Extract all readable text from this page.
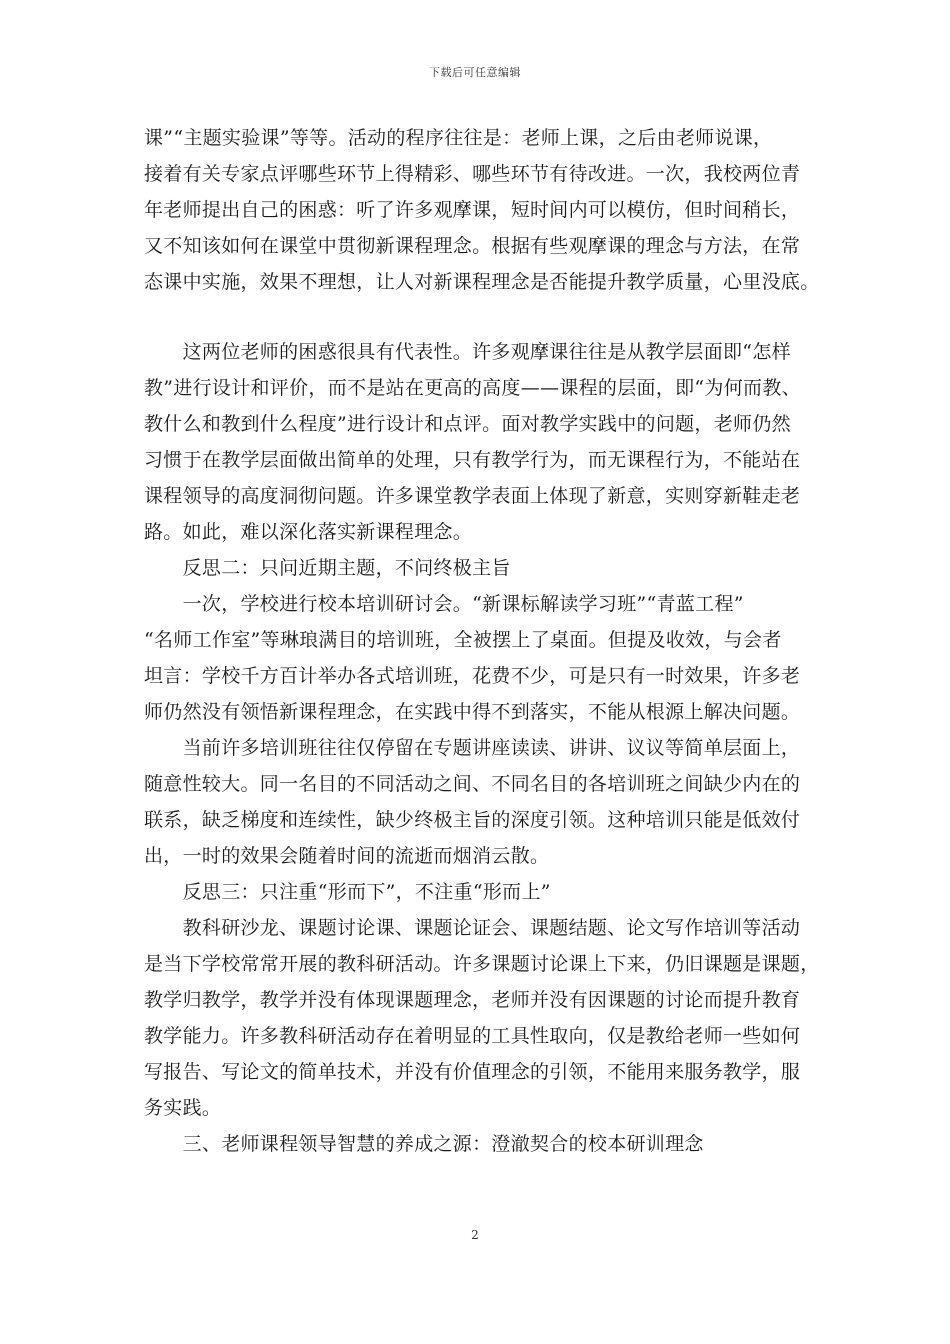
下载后可任意编辑
课”“主题实验课”等等。活动的程序往往是：老师上课，之后由老师说课，
接着有关专家点评哪些环节上得精彩、哪些环节有待改进。一次，我校两位青
年老师提出自己的困惑：听了许多观摩课，短时间内可以模仿，但时间稍长，
又不知该如何在课堂中贯彻新课程理念。根据有些观摩课的理念与方法，在常
态课中实施，效果不理想，让人对新课程理念是否能提升教学质量，心里没底。
　　这两位老师的困惑很具有代表性。许多观摩课往往是从教学层面即“怎样
教”进行设计和评价，而不是站在更高的高度——课程的层面，即“为何而教、
教什么和教到什么程度”进行设计和点评。面对教学实践中的问题，老师仍然
习惯于在教学层面做出简单的处理，只有教学行为，而无课程行为，不能站在
课程领导的高度洞彻问题。许多课堂教学表面上体现了新意，实则穿新鞋走老
路。如此，难以深化落实新课程理念。
　　反思二：只问近期主题，不问终极主旨
　　一次，学校进行校本培训研讨会。“新课标解读学习班”“青蓝工程”
“名师工作室”等琳琅满目的培训班，全被摆上了桌面。但提及收效，与会者
坦言：学校千方百计举办各式培训班，花费不少，可是只有一时效果，许多老
师仍然没有领悟新课程理念，在实践中得不到落实，不能从根源上解决问题。
　　当前许多培训班往往仅停留在专题讲座读读、讲讲、议议等简单层面上，
随意性较大。同一名目的不同活动之间、不同名目的各培训班之间缺少内在的
联系，缺乏梯度和连续性，缺少终极主旨的深度引领。这种培训只能是低效付
出，一时的效果会随着时间的流逝而烟消云散。
　　反思三：只注重“形而下”，不注重“形而上”
　　教科研沙龙、课题讨论课、课题论证会、课题结题、论文写作培训等活动
是当下学校常常开展的教科研活动。许多课题讨论课上下来，仍旧课题是课题，
教学归教学，教学并没有体现课题理念，老师并没有因课题的讨论而提升教育
教学能力。许多教科研活动存在着明显的工具性取向，仅是教给老师一些如何
写报告、写论文的简单技术，并没有价值理念的引领，不能用来服务教学，服
务实践。
　　三、老师课程领导智慧的养成之源：澄澈契合的校本研训理念
2
